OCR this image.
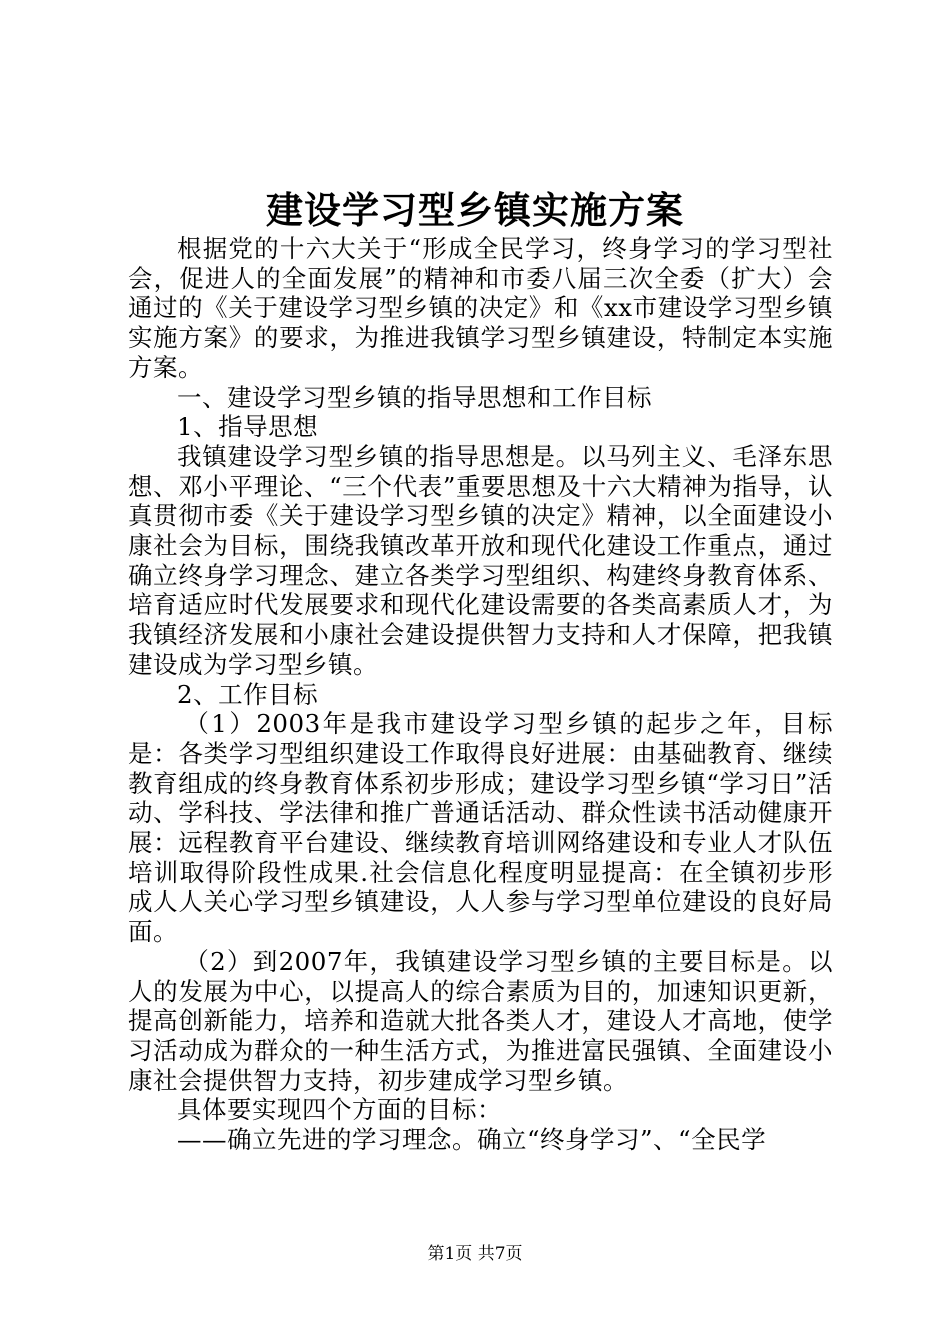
建设学习型乡镇实施方案

根据党的十六大关于“形成全民学习，终身学习的学习型社会，促进人的全面发展”的精神和市委八届三次全委（扩大）会通过的《关于建设学习型乡镇的决定》和《xx市建设学习型乡镇实施方案》的要求，为推进我镇学习型乡镇建设，特制定本实施方案。

一、建设学习型乡镇的指导思想和工作目标

1、指导思想

我镇建设学习型乡镇的指导思想是。以马列主义、毛泽东思想、邓小平理论、“三个代表”重要思想及十六大精神为指导，认真贯彻市委《关于建设学习型乡镇的决定》精神，以全面建设小康社会为目标，围绕我镇改革开放和现代化建设工作重点，通过确立终身学习理念、建立各类学习型组织、构建终身教育体系、培育适应时代发展要求和现代化建设需要的各类高素质人才，为我镇经济发展和小康社会建设提供智力支持和人才保障，把我镇建设成为学习型乡镇。

2、工作目标

（1）2003年是我市建设学习型乡镇的起步之年，目标是：各类学习型组织建设工作取得良好进展：由基础教育、继续教育组成的终身教育体系初步形成；建设学习型乡镇“学习日”活动、学科技、学法律和推广普通话活动、群众性读书活动健康开展：远程教育平台建设、继续教育培训网络建设和专业人才队伍培训取得阶段性成果.社会信息化程度明显提高：在全镇初步形成人人关心学习型乡镇建设，人人参与学习型单位建设的良好局面。

（2）到2007年，我镇建设学习型乡镇的主要目标是。以人的发展为中心，以提高人的综合素质为目的，加速知识更新，提高创新能力，培养和造就大批各类人才，建设人才高地，使学习活动成为群众的一种生活方式，为推进富民强镇、全面建设小康社会提供智力支持，初步建成学习型乡镇。

具体要实现四个方面的目标：

——确立先进的学习理念。确立“终身学习”、“全民学

第1页 共7页
